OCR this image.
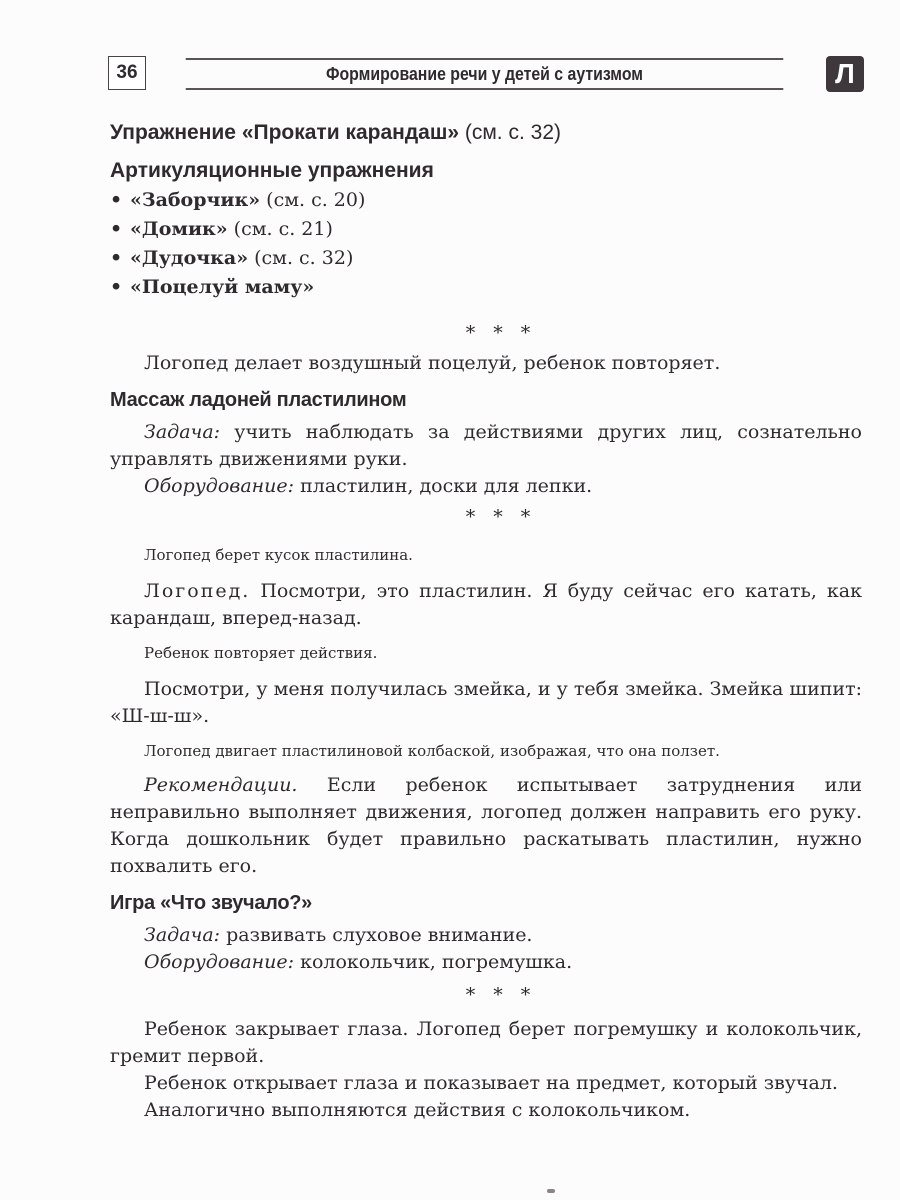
36	Формирование речи у детей с аутизмом	Л
Упражнение «Прокати карандаш» (см. с. 32)
Артикуляционные упражнения
• «Заборчик» (см. с. 20)
• «Домик» (см. с. 21)
• «Дудочка» (см. с. 32)
• «Поцелуй маму»
* * *

Логопед делает воздушный поцелуй, ребенок повторяет.

Массаж ладоней пластилином

Задача: учить наблюдать за действиями других лиц, сознательно управлять движениями руки.

Оборудование: пластилин, доски для лепки.

* * *

Логопед берет кусок пластилина.

Логопед. Посмотри, это пластилин. Я буду сейчас его катать, как карандаш, вперед-назад.

Ребенок повторяет действия.

Посмотри, у меня получилась змейка, и у тебя змейка. Змейка шипит: «Ш-ш-ш».

Логопед двигает пластилиновой колбаской, изображая, что она ползет.

Рекомендации. Если ребенок испытывает затруднения или неправильно выполняет движения, логопед должен направить его руку. Когда дошкольник будет правильно раскатывать пластилин, нужно похвалить его.

Игра «Что звучало?»

Задача: развивать слуховое внимание.

Оборудование: колокольчик, погремушка.

* * *

Ребенок закрывает глаза. Логопед берет погремушку и колокольчик, гремит первой.

Ребенок открывает глаза и показывает на предмет, который звучал.

Аналогично выполняются действия с колокольчиком.
